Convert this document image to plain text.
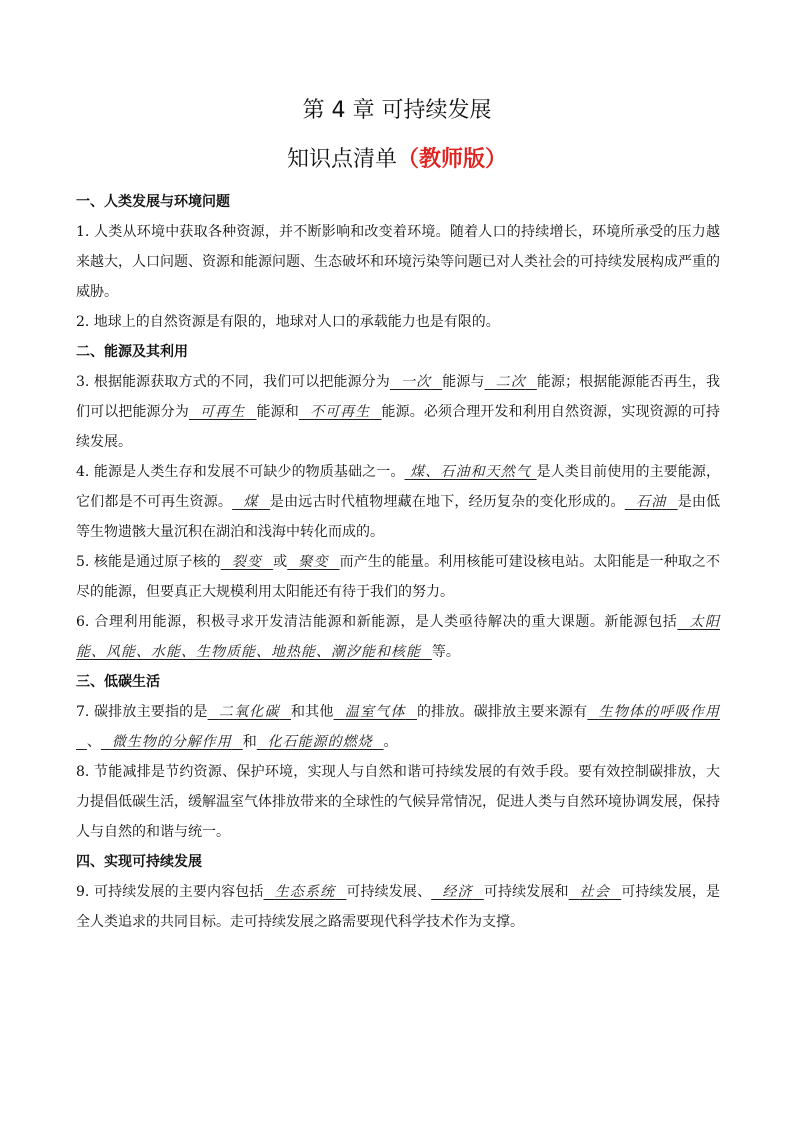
第 4 章 可持续发展
知识点清单（教师版）
一、人类发展与环境问题
1. 人类从环境中获取各种资源，并不断影响和改变着环境。随着人口的持续增长，环境所承受的压力越来越大，人口问题、资源和能源问题、生态破坏和环境污染等问题已对人类社会的可持续发展构成严重的威胁。
2. 地球上的自然资源是有限的，地球对人口的承载能力也是有限的。
二、能源及其利用
3. 根据能源获取方式的不同，我们可以把能源分为 一次 能源与 二次 能源；根据能源能否再生，我们可以把能源分为 可再生 能源和 不可再生 能源。必须合理开发和利用自然资源，实现资源的可持续发展。
4. 能源是人类生存和发展不可缺少的物质基础之一。 煤、石油和天然气 是人类目前使用的主要能源，它们都是不可再生资源。 煤 是由远古时代植物埋藏在地下，经历复杂的变化形成的。 石油 是由低等生物遗骸大量沉积在湖泊和浅海中转化而成的。
5. 核能是通过原子核的 裂变 或 聚变 而产生的能量。利用核能可建设核电站。太阳能是一种取之不尽的能源，但要真正大规模利用太阳能还有待于我们的努力。
6. 合理利用能源，积极寻求开发清洁能源和新能源，是人类亟待解决的重大课题。新能源包括 太阳能、风能、水能、生物质能、地热能、潮汐能和核能 等。
三、低碳生活
7. 碳排放主要指的是 二氧化碳 和其他 温室气体 的排放。碳排放主要来源有 生物体的呼吸作用  、 微生物的分解作用 和 化石能源的燃烧 。
8. 节能减排是节约资源、保护环境，实现人与自然和谐可持续发展的有效手段。要有效控制碳排放，大力提倡低碳生活，缓解温室气体排放带来的全球性的气候异常情况，促进人类与自然环境协调发展，保持人与自然的和谐与统一。
四、实现可持续发展
9. 可持续发展的主要内容包括 生态系统 可持续发展、 经济 可持续发展和 社会 可持续发展，是全人类追求的共同目标。走可持续发展之路需要现代科学技术作为支撑。
